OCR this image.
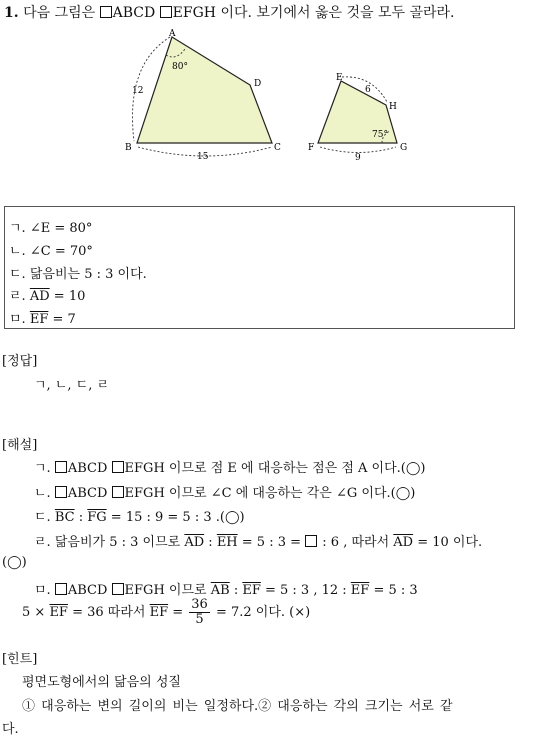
1. 다음 그림은 ABCD EFGH 이다. 보기에서 옳은 것을 모두 골라라.
A
B	C
D
80°
12
15
E
F	G
H
6
75°
9
ㄱ. ∠E = 80°
ㄴ. ∠C = 70°
ㄷ. 닮음비는 5 : 3 이다.
ㄹ. $\overline{AD} = 10$
ㅁ. $\overline{EF} = 7$
[정답]
ㄱ, ㄴ, ㄷ, ㄹ
[해설]
ㄱ. ABCD EFGH 이므로 점 E 에 대응하는 점은 점 A 이다.(◯)
ㄴ. ABCD EFGH 이므로 ∠C 에 대응하는 각은 ∠G 이다.(◯)
ㄷ. $\overline{BC}$ : $\overline{FG} = 15$ : 9 = 5 : 3 .(◯)
ㄹ. 닮음비가 5 : 3 이므로 $\overline{AD}$ : $\overline{EH} = 5$ : 3 =  : 6 , 따라서 $\overline{AD} = 10$ 이다.
(◯)
ㅁ. ABCD EFGH 이므로 $\overline{AB}$ : $\overline{EF} = 5$ : 3 , 12 : $\overline{EF} = 5$ : 3
$5 \times \overline{EF} = 36$ 따라서 $\overline{EF} = \frac{36}{5} = 7.2$ 이다. (×)
[힌트]
평면도형에서의 닮음의 성질
① 대응하는 변의 길이의 비는 일정하다.② 대응하는 각의 크기는 서로 같
다.
